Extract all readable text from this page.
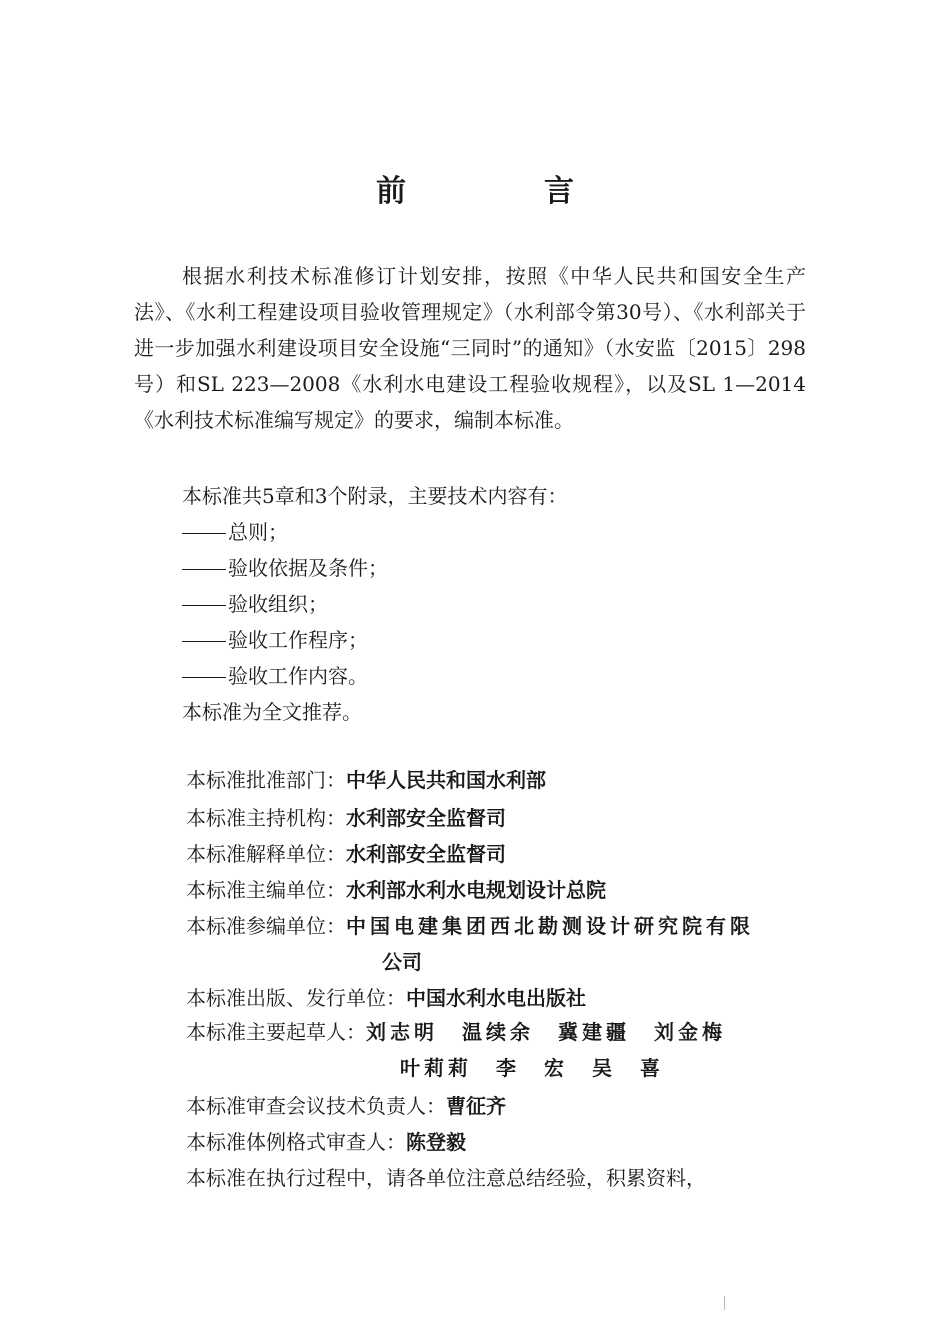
前　言
根据水利技术标准修订计划安排，按照《中华人民共和国安全生产法》、《水利工程建设项目验收管理规定》（水利部令第30号）、《水利部关于进一步加强水利建设项目安全设施“三同时”的通知》（水安监〔2015〕298号）和SL 223—2008《水利水电建设工程验收规程》，以及SL 1—2014《水利技术标准编写规定》的要求，编制本标准。
本标准共5章和3个附录，主要技术内容有：
总则；
验收依据及条件；
验收组织；
验收工作程序；
验收工作内容。
本标准为全文推荐。
本标准批准部门：中华人民共和国水利部
本标准主持机构：水利部安全监督司
本标准解释单位：水利部安全监督司
本标准主编单位：水利部水利水电规划设计总院
本标准参编单位：中国电建集团西北勘测设计研究院有限
公司
本标准出版、发行单位：中国水利水电出版社
本标准主要起草人：刘志明 温续余 冀建疆 刘金梅
叶莉莉 李　宏 吴　喜
本标准审查会议技术负责人：曹征齐
本标准体例格式审查人：陈登毅
本标准在执行过程中，请各单位注意总结经验，积累资料，
